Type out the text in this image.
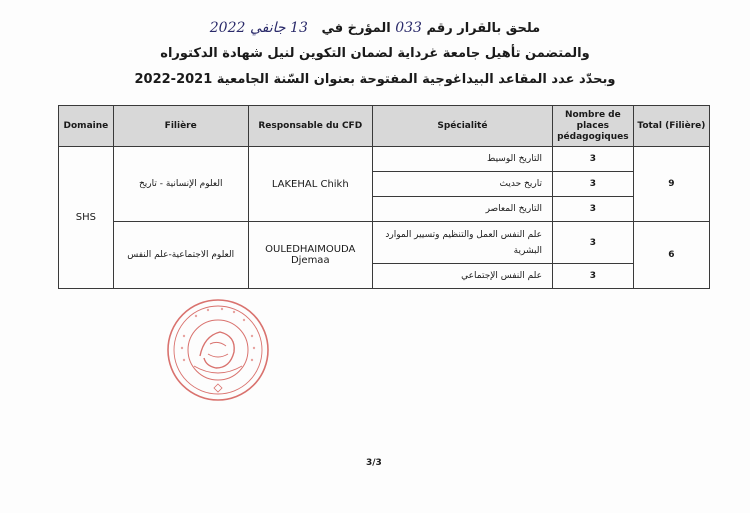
ملحق بالقرار رقم 033 المؤرخ في   13 جانفي 2022
والمتضمن تأهيل جامعة غرداية لضمان التكوين لنيل شهادة الدكتوراه
وبحدّد عدد المقاعد البيداغوجية المفتوحة بعنوان السّنة الجامعية 2021-2022
Domaine	Filière	Responsable du CFD	Spécialité	Nombre de places pédagogiques	Total (Filière)
SHS	العلوم الإنسانية - تاريخ	LAKEHAL Chikh	التاريخ الوسيط	3	9
			تاريخ حديث	3	
			التاريخ المعاصر	3	
	العلوم الاجتماعية-علم النفس	OULEDHAIMOUDA Djemaa	علم النفس العمل والتنظيم وتسيير الموارد البشرية	3	6
			علم النفس الإجتماعي	3	
3/3
